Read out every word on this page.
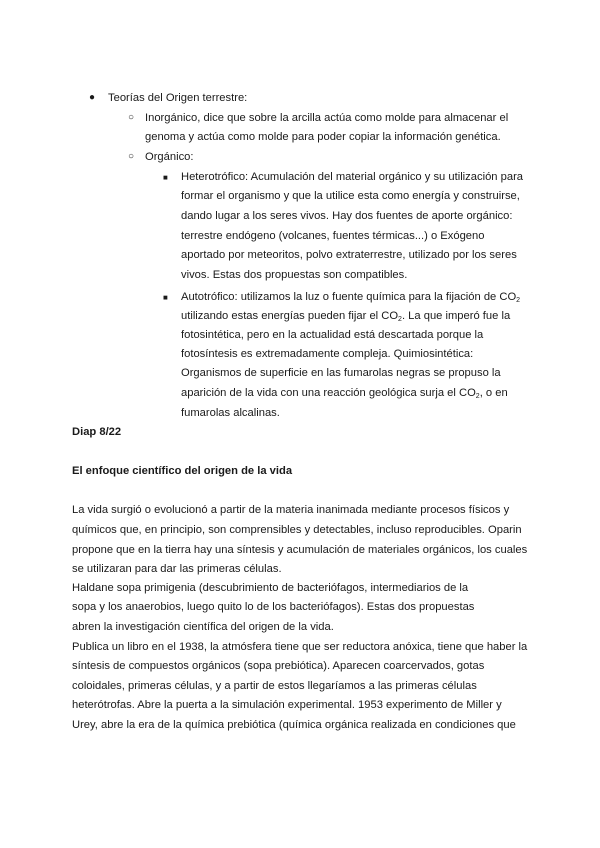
● Teorías del Origen terrestre:
○ Inorgánico, dice que sobre la arcilla actúa como molde para almacenar el
genoma y actúa como molde para poder copiar la información genética.
○ Orgánico:
■ Heterotrófico: Acumulación del material orgánico y su utilización para
formar el organismo y que la utilice esta como energía y construirse,
dando lugar a los seres vivos. Hay dos fuentes de aporte orgánico:
terrestre endógeno (volcanes, fuentes térmicas...) o Exógeno
aportado por meteoritos, polvo extraterrestre, utilizado por los seres
vivos. Estas dos propuestas son compatibles.
■ Autotrófico: utilizamos la luz o fuente química para la fijación de $CO_2$
utilizando estas energías pueden fijar el $CO_2$. La que imperó fue la
fotosintética, pero en la actualidad está descartada porque la
fotosíntesis es extremadamente compleja. Quimiosintética:
Organismos de superficie en las fumarolas negras se propuso la
aparición de la vida con una reacción geológica surja el $CO_2$, o en
fumarolas alcalinas.
Diap 8/22
El enfoque científico del origen de la vida
La vida surgió o evolucionó a partir de la materia inanimada mediante procesos físicos y
químicos que, en principio, son comprensibles y detectables, incluso reproducibles. Oparin
propone que en la tierra hay una síntesis y acumulación de materiales orgánicos, los cuales
se utilizaran para dar las primeras células.
Haldane sopa primigenia (descubrimiento de bacteriófagos, intermediarios de la
sopa y los anaerobios, luego quito lo de los bacteriófagos). Estas dos propuestas
abren la investigación científica del origen de la vida.
Publica un libro en el 1938, la atmósfera tiene que ser reductora anóxica, tiene que haber la
síntesis de compuestos orgánicos (sopa prebiótica). Aparecen coarcervados, gotas
coloidales, primeras células, y a partir de estos llegaríamos a las primeras células
heterótrofas. Abre la puerta a la simulación experimental. 1953 experimento de Miller y
Urey, abre la era de la química prebiótica (química orgánica realizada en condiciones que
